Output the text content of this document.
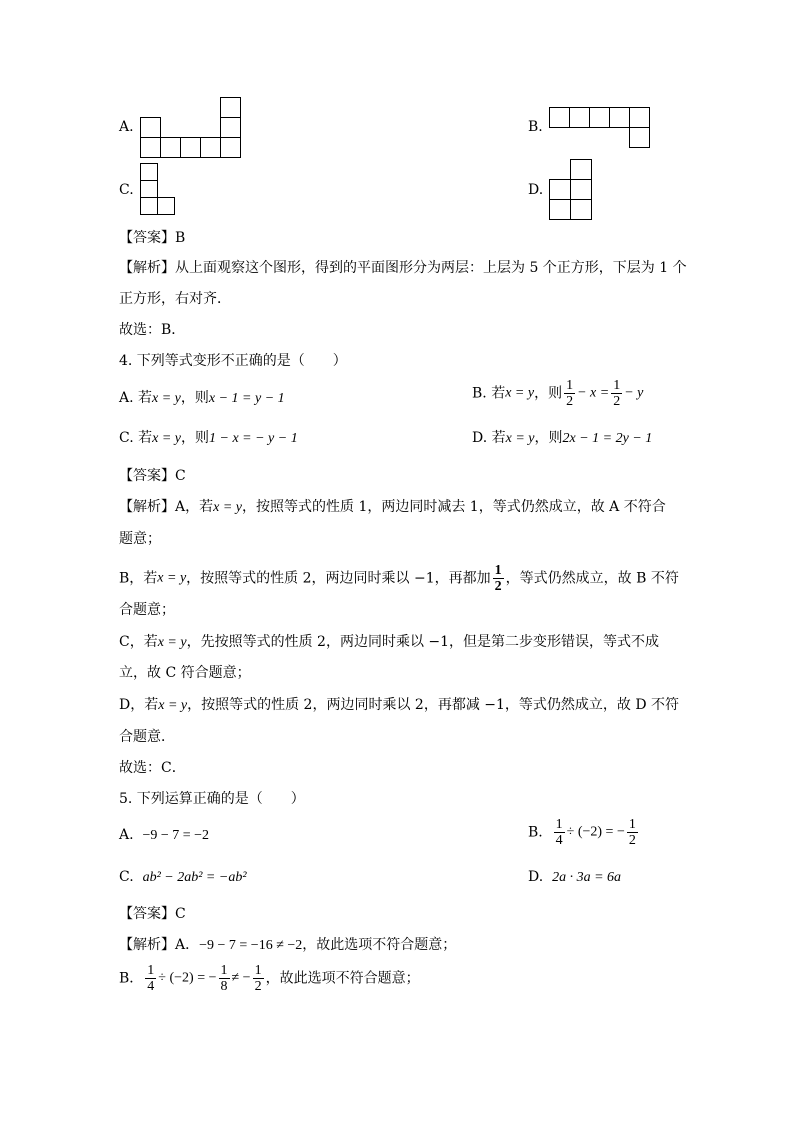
A.	B.
C.	D.
【答案】B
【解析】从上面观察这个图形，得到的平面图形分为两层：上层为 5 个正方形，下层为 1 个
正方形，右对齐．
故选：B．
4. 下列等式变形不正确的是（　　）
A. 若x = y，则x − 1 = y − 1	B. 若x = y，则 $\frac{1}{2} - x = \frac{1}{2} - y$
C. 若x = y，则1 − x = − y − 1	D. 若x = y，则2x − 1 = 2y − 1
【答案】C
【解析】A，若x = y，按照等式的性质 1，两边同时减去 1，等式仍然成立，故 A 不符合
题意；
B，若x = y，按照等式的性质 2，两边同时乘以 −1，再都加 $\frac{1}{2}$ ，等式仍然成立，故 B 不符
合题意；
C，若x = y，先按照等式的性质 2，两边同时乘以 −1，但是第二步变形错误，等式不成
立，故 C 符合题意；
D，若x = y，按照等式的性质 2，两边同时乘以 2，再都减 −1，等式仍然成立，故 D 不符
合题意．
故选：C．
5. 下列运算正确的是（　　）
A. −9 − 7 = −2	B. $\frac{1}{4} \div (-2)$ = − $\frac{1}{2}$
C. ab² − 2ab² = −ab²	D. 2a · 3a = 6a
【答案】C
【解析】A．−9 − 7 = −16 ≠ −2，故此选项不符合题意；
B． $\frac{1}{4} \div (-2)$ = − $\frac{1}{8}$ ≠ − $\frac{1}{2}$ ，故此选项不符合题意；
